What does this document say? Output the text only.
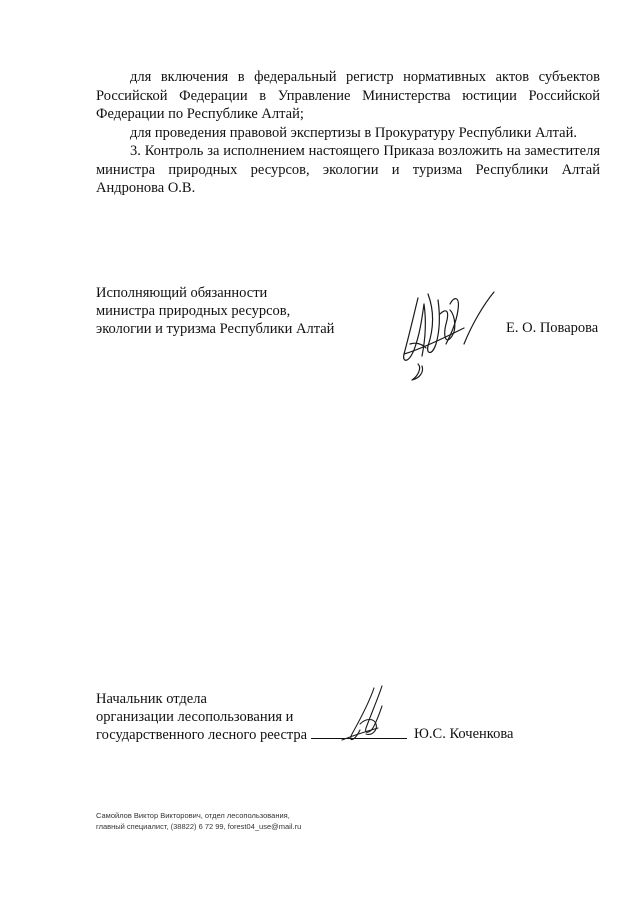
для включения в федеральный регистр нормативных актов субъектов Российской Федерации в Управление Министерства юстиции Российской Федерации по Республике Алтай;

для проведения правовой экспертизы в Прокуратуру Республики Алтай.

3. Контроль за исполнением настоящего Приказа возложить на заместителя министра природных ресурсов, экологии и туризма Республики Алтай Андронова О.В.

Исполняющий обязанности
министра природных ресурсов,
экологии и туризма Республики Алтай	Е. О. Поварова
Начальник отдела
организации лесопользования и
государственного лесного реестра	Ю.С. Коченкова
Самойлов Виктор Викторович, отдел лесопользования,
главный специалист, (38822) 6 72 99, forest04_use@mail.ru
